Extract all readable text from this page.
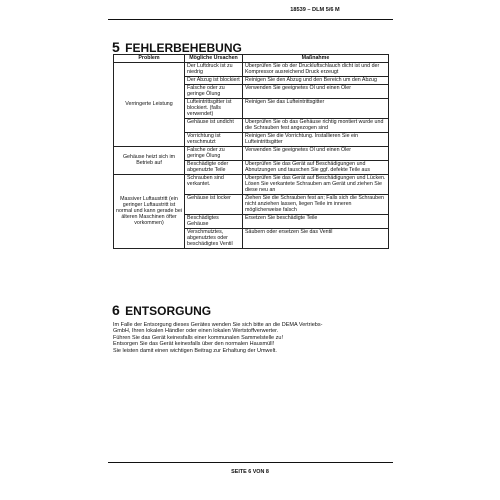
18539 – DLM 5/6 M
5 FEHLERBEHEBUNG
Problem	Mögliche Ursachen	Maßnahme
Verringerte Leistung	Der Luftdruck ist zu niedrig	Überprüfen Sie ob der Druckluftschlauch dicht ist und der Kompressor ausreichend Druck erzeugt
	Der Abzug ist blockiert	Reinigen Sie den Abzug und den Bereich um den Abzug
	Falsche oder zu geringe Ölung	Verwenden Sie geeignetes Öl und einen Öler
	Lufteintrittsgitter ist blockiert. (falls verwendet)	Reinigen Sie das Lufteintrittsgitter
	Gehäuse ist undicht	Überprüfen Sie ob das Gehäuse richtig montiert wurde und die Schrauben fest angezogen sind
	Vorrichtung ist verschmutzt	Reinigen Sie die Vorrichtung. Installieren Sie ein Lufteintrittsgitter
Gehäuse heizt sich im Betrieb auf	Falsche oder zu geringe Ölung	Verwenden Sie geeignetes Öl und einen Öler
	Beschädigte oder abgenutzte Teile	Überprüfen Sie das Gerät auf Beschädigungen und Abnutzungen und tauschen Sie ggf. defekte Teile aus
Massiver Luftaustritt (ein geringer Luftaustritt ist normal und kann gerade bei älteren Maschinen öfter vorkommen)	Schrauben sind verkantet.	Überprüfen Sie das Gerät auf Beschädigungen und Lücken. Lösen Sie verkantete Schrauben am Gerät und ziehen Sie diese neu an
	Gehäuse ist locker	Ziehen Sie die Schrauben fest an; Falls sich die Schrauben nicht anziehen lassen, liegen Teile im inneren möglicherweise falsch
	Beschädigtes Gehäuse	Ersetzen Sie beschädigte Teile
	Verschmutztes, abgenutztes oder beschädigtes Ventil	Säubern oder ersetzen Sie das Ventil
6 ENTSORGUNG
Im Falle der Entsorgung dieses Gerätes wenden Sie sich bitte an die DEMA Vertriebs-
GmbH, Ihren lokalen Händler oder einen lokalen Wertstoffverwerter.
Führen Sie das Gerät keinesfalls einer kommunalen Sammelstelle zu!
Entsorgen Sie das Gerät keinesfalls über den normalen Hausmüll!
Sie leisten damit einen wichtigen Beitrag zur Erhaltung der Umwelt.
SEITE 6 VON 8
